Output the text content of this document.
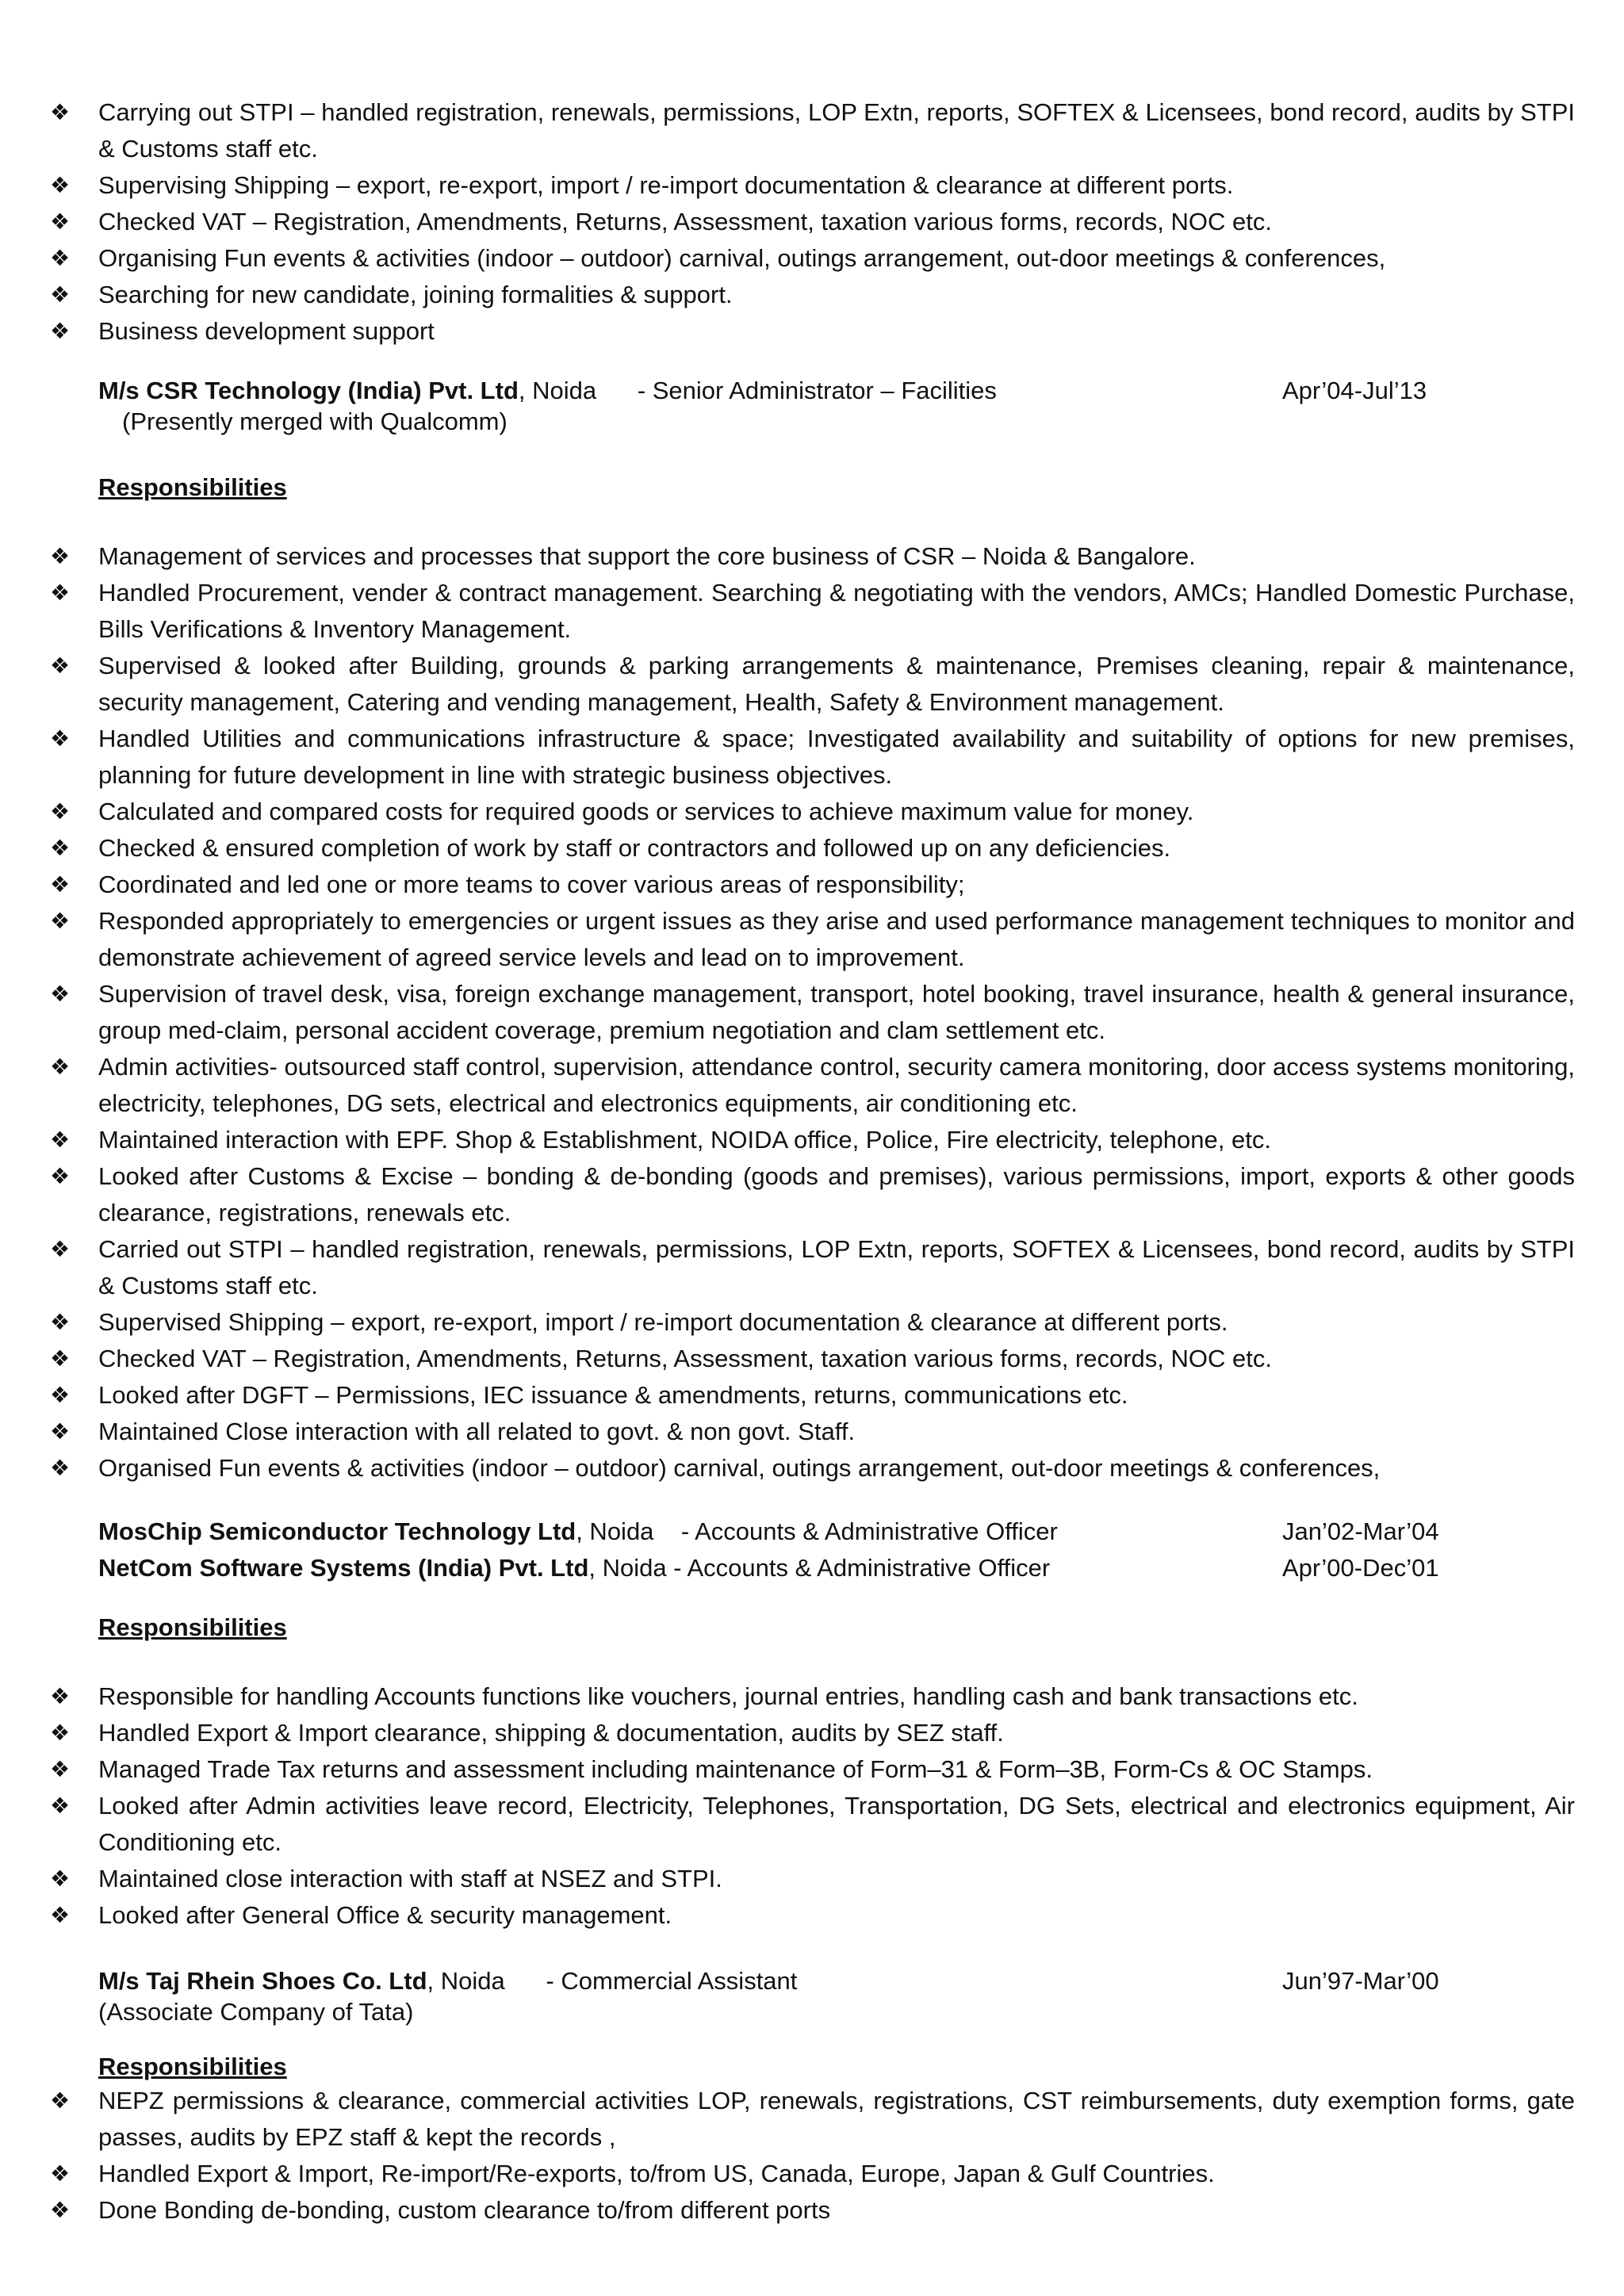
❖ Carrying out STPI – handled registration, renewals, permissions, LOP Extn, reports, SOFTEX & Licensees, bond record, audits by STPI & Customs staff etc.
❖ Supervising Shipping – export, re-export, import / re-import documentation & clearance at different ports.
❖ Checked VAT – Registration, Amendments, Returns, Assessment, taxation various forms, records, NOC etc.
❖ Organising Fun events & activities (indoor – outdoor) carnival, outings arrangement, out-door meetings & conferences,
❖ Searching for new candidate, joining formalities & support.
❖ Business development support
M/s CSR Technology (India) Pvt. Ltd, Noida - Senior Administrator – Facilities	Apr’04-Jul’13
(Presently merged with Qualcomm)
Responsibilities
❖ Management of services and processes that support the core business of CSR – Noida & Bangalore.
❖ Handled Procurement, vender & contract management. Searching & negotiating with the vendors, AMCs; Handled Domestic Purchase, Bills Verifications & Inventory Management.
❖ Supervised & looked after Building, grounds & parking arrangements & maintenance, Premises cleaning, repair & maintenance, security management, Catering and vending management, Health, Safety & Environment management.
❖ Handled Utilities and communications infrastructure & space; Investigated availability and suitability of options for new premises, planning for future development in line with strategic business objectives.
❖ Calculated and compared costs for required goods or services to achieve maximum value for money.
❖ Checked & ensured completion of work by staff or contractors and followed up on any deficiencies.
❖ Coordinated and led one or more teams to cover various areas of responsibility;
❖ Responded appropriately to emergencies or urgent issues as they arise and used performance management techniques to monitor and demonstrate achievement of agreed service levels and lead on to improvement.
❖ Supervision of travel desk, visa, foreign exchange management, transport, hotel booking, travel insurance, health & general insurance, group med-claim, personal accident coverage, premium negotiation and clam settlement etc.
❖ Admin activities- outsourced staff control, supervision, attendance control, security camera monitoring, door access systems monitoring, electricity, telephones, DG sets, electrical and electronics equipments, air conditioning etc.
❖ Maintained interaction with EPF. Shop & Establishment, NOIDA office, Police, Fire electricity, telephone, etc.
❖ Looked after Customs & Excise – bonding & de-bonding (goods and premises), various permissions, import, exports & other goods clearance, registrations, renewals etc.
❖ Carried out STPI – handled registration, renewals, permissions, LOP Extn, reports, SOFTEX & Licensees, bond record, audits by STPI & Customs staff etc.
❖ Supervised Shipping – export, re-export, import / re-import documentation & clearance at different ports.
❖ Checked VAT – Registration, Amendments, Returns, Assessment, taxation various forms, records, NOC etc.
❖ Looked after DGFT – Permissions, IEC issuance & amendments, returns, communications etc.
❖ Maintained Close interaction with all related to govt. & non govt. Staff.
❖ Organised Fun events & activities (indoor – outdoor) carnival, outings arrangement, out-door meetings & conferences,
MosChip Semiconductor Technology Ltd, Noida - Accounts & Administrative Officer	Jan’02-Mar’04
NetCom Software Systems (India) Pvt. Ltd, Noida - Accounts & Administrative Officer	Apr’00-Dec’01
Responsibilities
❖ Responsible for handling Accounts functions like vouchers, journal entries, handling cash and bank transactions etc.
❖ Handled Export & Import clearance, shipping & documentation, audits by SEZ staff.
❖ Managed Trade Tax returns and assessment including maintenance of Form–31 & Form–3B, Form-Cs & OC Stamps.
❖ Looked after Admin activities leave record, Electricity, Telephones, Transportation, DG Sets, electrical and electronics equipment, Air Conditioning etc.
❖ Maintained close interaction with staff at NSEZ and STPI.
❖ Looked after General Office & security management.
M/s Taj Rhein Shoes Co. Ltd, Noida - Commercial Assistant	Jun’97-Mar’00
(Associate Company of Tata)
Responsibilities
❖ NEPZ permissions & clearance, commercial activities LOP, renewals, registrations, CST reimbursements, duty exemption forms, gate passes, audits by EPZ staff & kept the records ,
❖ Handled Export & Import, Re-import/Re-exports, to/from US, Canada, Europe, Japan & Gulf Countries.
❖ Done Bonding de-bonding, custom clearance to/from different ports
